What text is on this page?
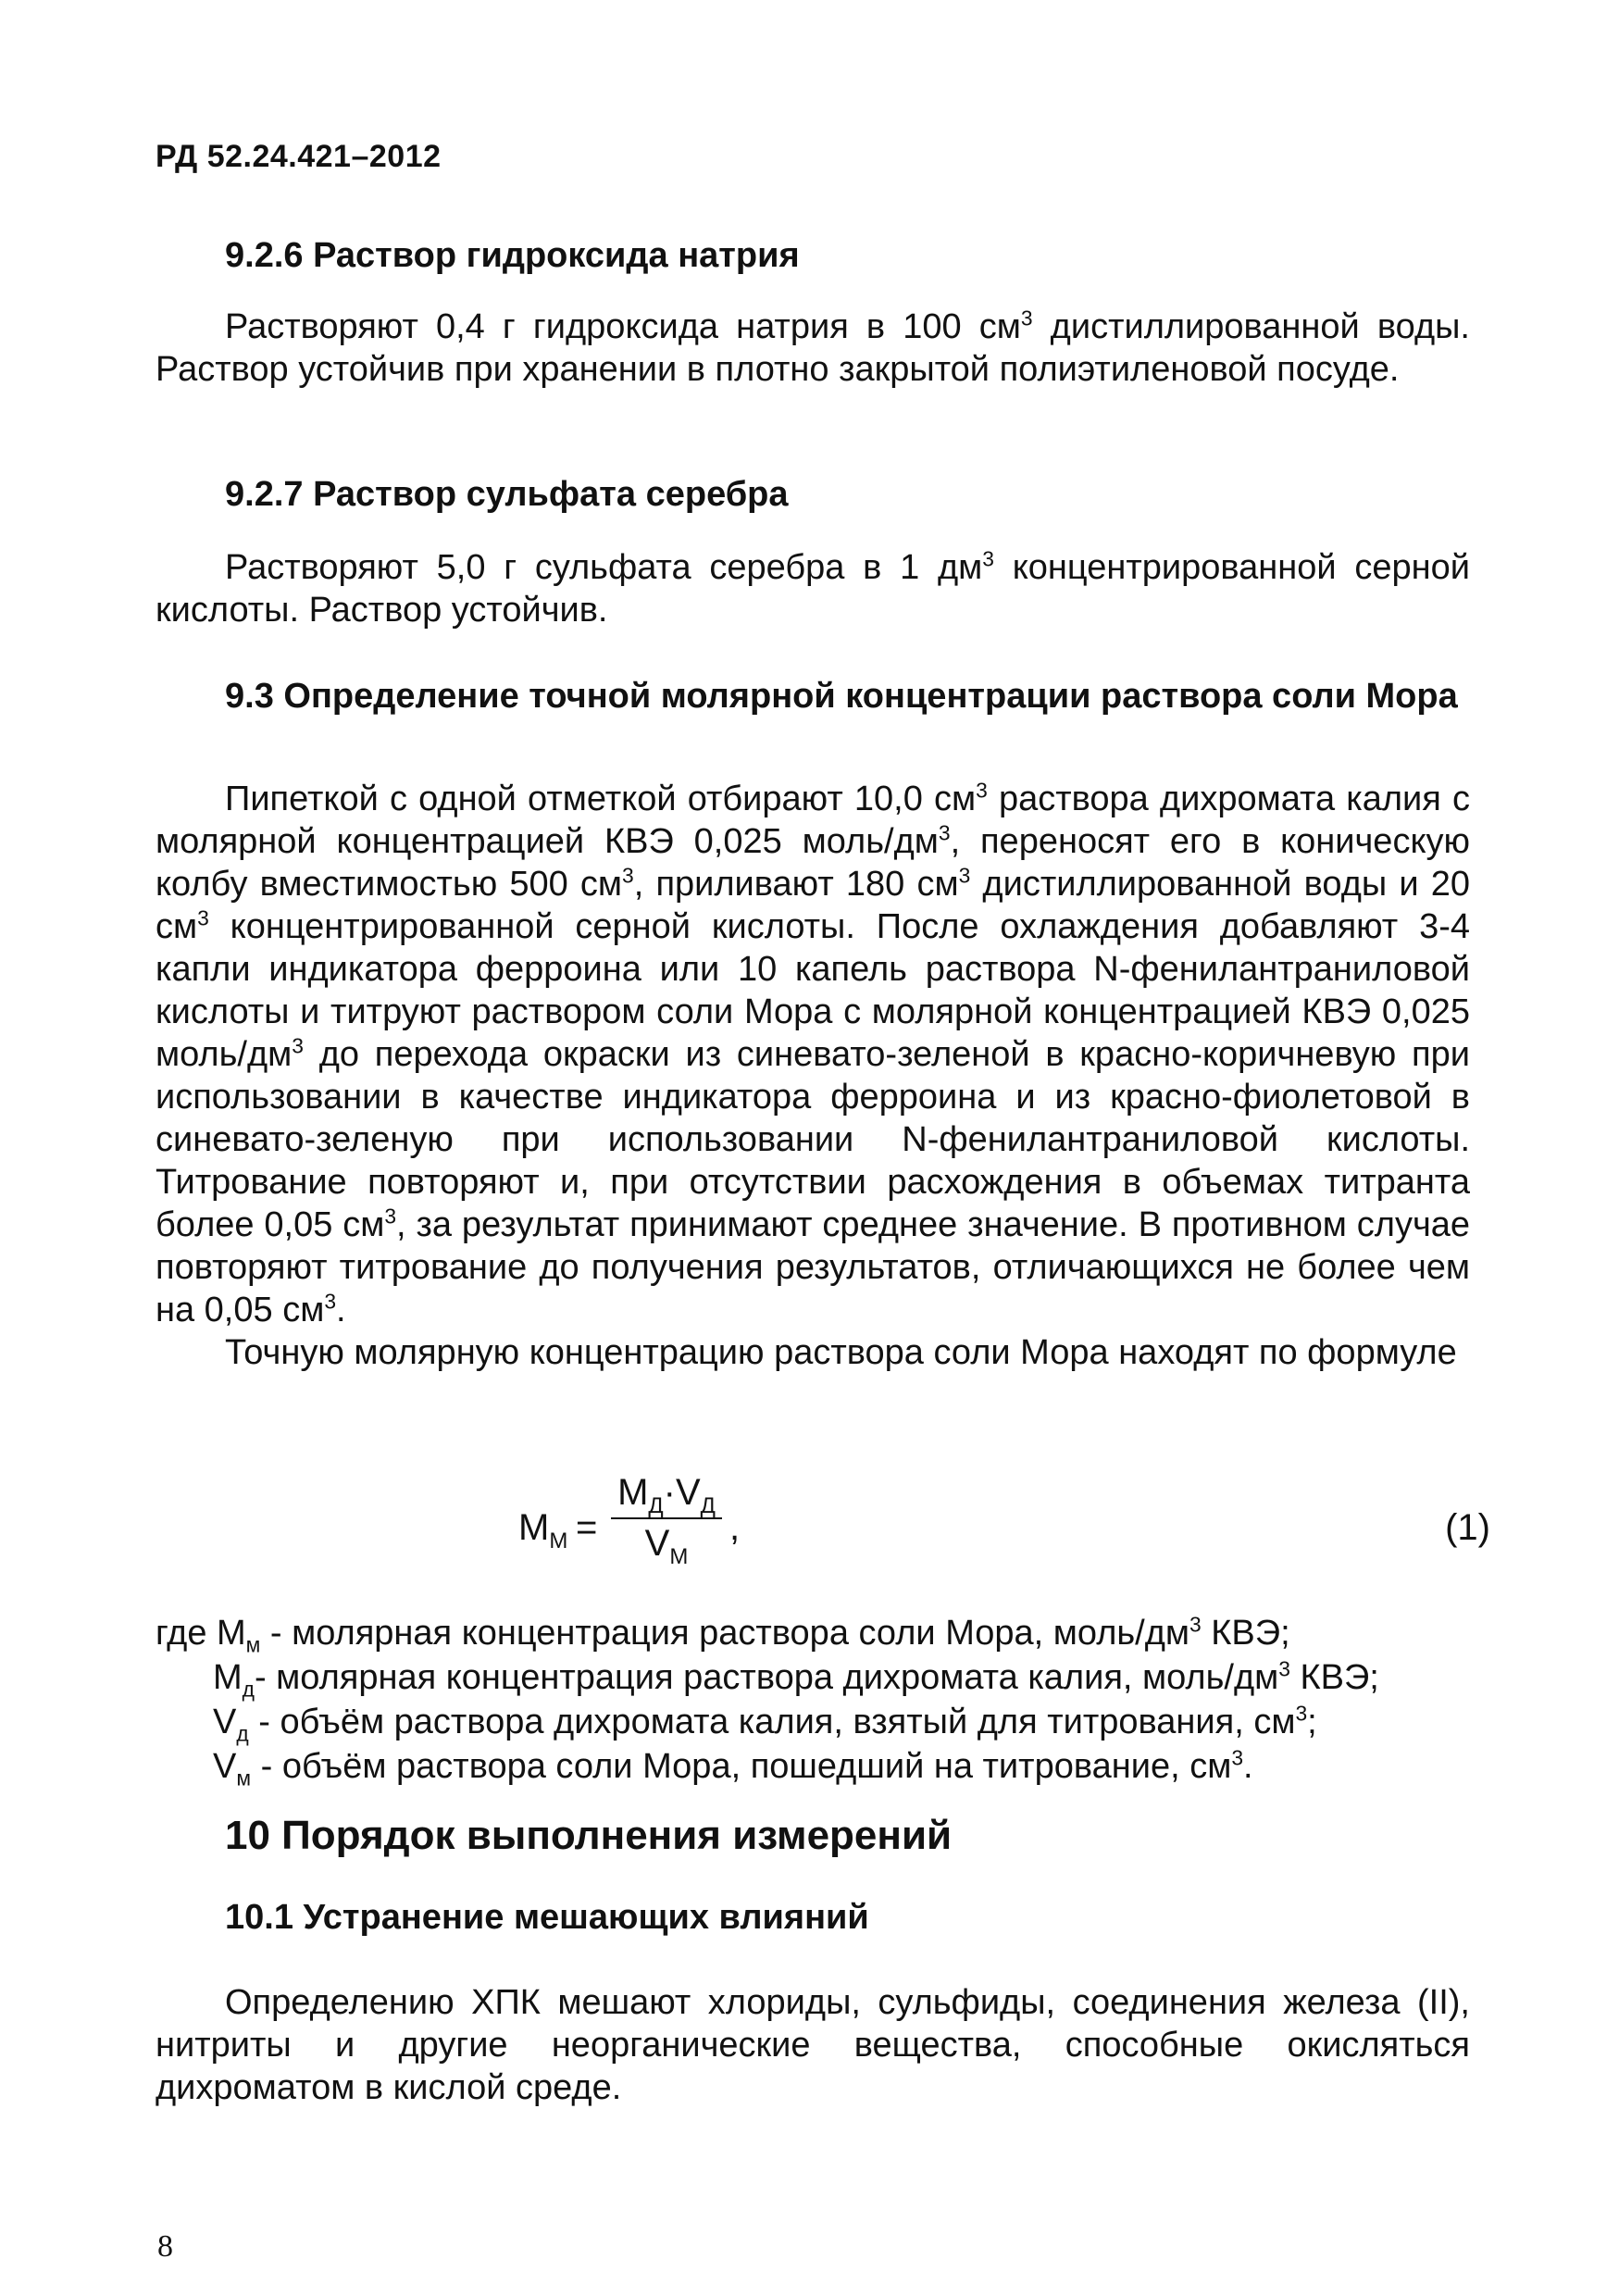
РД 52.24.421–2012
9.2.6 Раствор гидроксида натрия

Растворяют 0,4 г гидроксида натрия в 100 $см^3$ дистиллированной воды. Раствор устойчив при хранении в плотно закрытой полиэтиленовой посуде.

9.2.7 Раствор сульфата серебра

Растворяют 5,0 г сульфата серебра в 1 $дм^3$ концентрированной серной кислоты. Раствор устойчив.

9.3 Определение точной молярной концентрации раствора соли Мора

Пипеткой с одной отметкой отбирают 10,0 $см^3$ раствора дихромата калия с молярной концентрацией КВЭ 0,025 моль/$дм^3$, переносят его в коническую колбу вместимостью 500 $см^3$, приливают 180 $см^3$ дистиллированной воды и 20 $см^3$ концентрированной серной кислоты. После охлаждения добавляют 3-4 капли индикатора ферроина или 10 капель раствора N-фенилантраниловой кислоты и титруют раствором соли Мора с молярной концентрацией КВЭ 0,025 моль/$дм^3$ до перехода окраски из синевато-зеленой в красно-коричневую при использовании в качестве индикатора ферроина и из красно-фиолетовой в синевато-зеленую при использовании N-фенилантраниловой кислоты. Титрование повторяют и, при отсутствии расхождения в объемах титранта более 0,05 $см^3$, за результат принимают среднее значение. В противном случае повторяют титрование до получения результатов, отличающихся не более чем на 0,05 $см^3$.

Точную молярную концентрацию раствора соли Мора находят по формуле

$М_М$ =
$М_Д\cdot V_Д$
$V_М$
,	(1)

где $М_м$ - молярная концентрация раствора соли Мора, моль/$дм^3$ КВЭ;

$М_д-$ молярная концентрация раствора дихромата калия, моль/$дм^3$ КВЭ;

$V_д$ - объём раствора дихромата калия, взятый для титрования, $см^3$;

$V_м$ - объём раствора соли Мора, пошедший на титрование, $см^3$.

10 Порядок выполнения измерений
10.1 Устранение мешающих влияний

Определению ХПК мешают хлориды, сульфиды, соединения железа (II), нитриты и другие неорганические вещества, способные окисляться дихроматом в кислой среде.

8
